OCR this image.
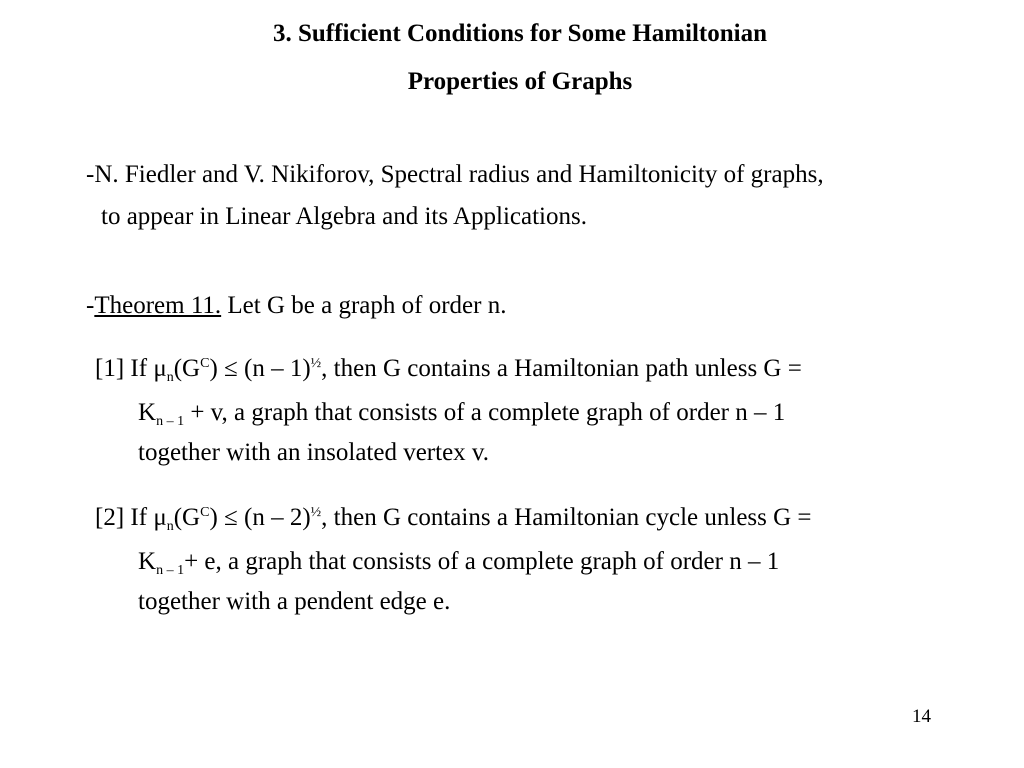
3. Sufficient Conditions for Some Hamiltonian
Properties of Graphs
-N. Fiedler and V. Nikiforov, Spectral radius and Hamiltonicity of graphs,
to appear in Linear Algebra and its Applications.
-Theorem 11. Let G be a graph of order n.
[1] If $\mu_n(G^C) \le (n - 1)^{\frac{1}{2}}$, then G contains a Hamiltonian path unless G =
$K_{n - 1} + v$, a graph that consists of a complete graph of order n – 1
together with an insolated vertex v.
[2] If $\mu_n(G^C) \le (n - 2)^{\frac{1}{2}}$, then G contains a Hamiltonian cycle unless G =
$K_{n - 1}+ e$, a graph that consists of a complete graph of order n – 1
together with a pendent edge e.
14
